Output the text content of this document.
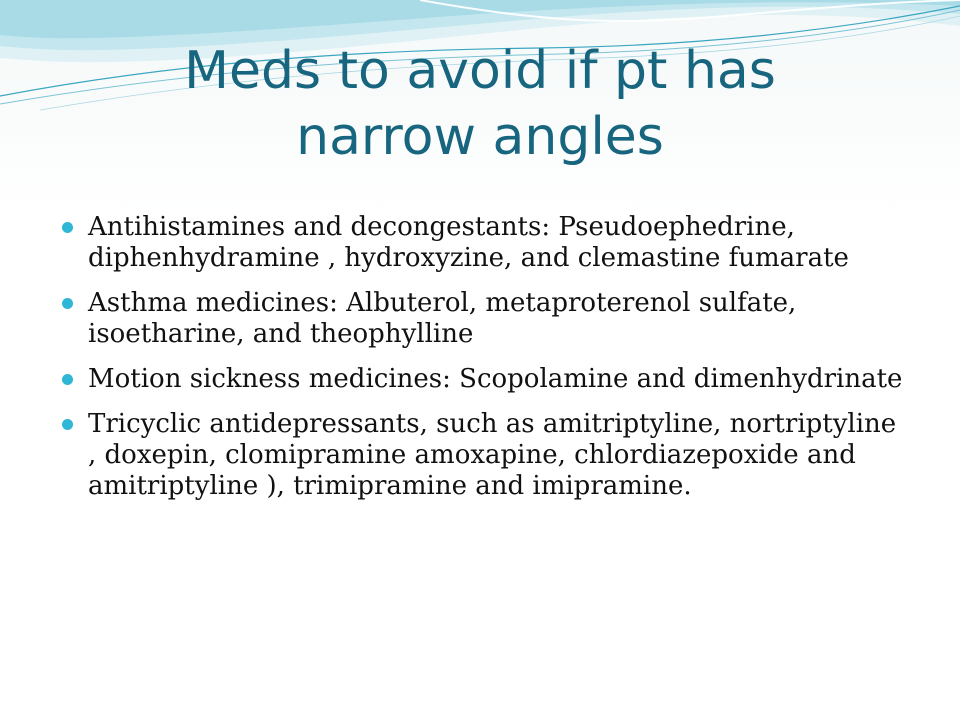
Meds to avoid if pt has narrow angles
Antihistamines and decongestants: Pseudoephedrine, diphenhydramine , hydroxyzine, and clemastine fumarate
Asthma medicines: Albuterol, metaproterenol sulfate, isoetharine, and theophylline
Motion sickness medicines: Scopolamine and dimenhydrinate
Tricyclic antidepressants, such as amitriptyline, nortriptyline , doxepin, clomipramine amoxapine, chlordiazepoxide and amitriptyline ), trimipramine and imipramine.
